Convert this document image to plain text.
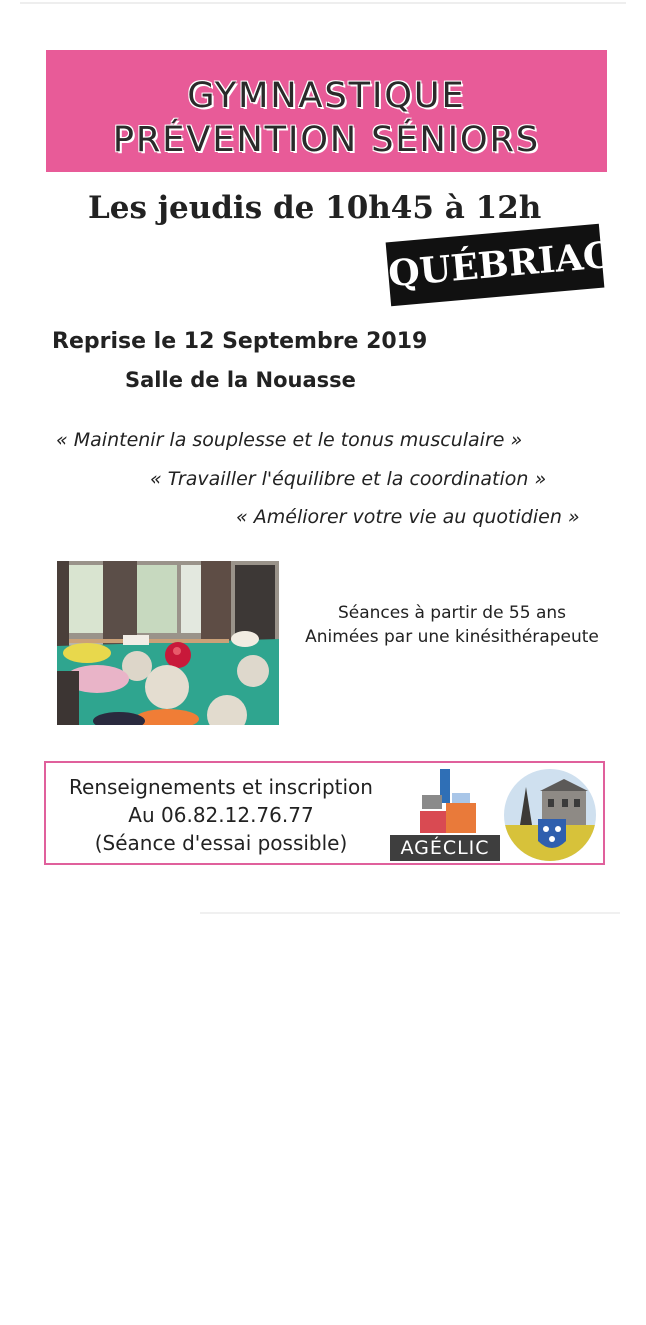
GYMNASTIQUE
PRÉVENTION SÉNIORS
Les jeudis de 10h45 à 12h
QUÉBRIAC
Reprise le 12 Septembre 2019
Salle de la Nouasse
« Maintenir la souplesse et le tonus musculaire »
« Travailler l'équilibre et la coordination »
« Améliorer votre vie au quotidien »
Séances à partir de 55 ans
Animées par une kinésithérapeute
Renseignements et inscription
Au 06.82.12.76.77
(Séance d'essai possible)	AGÉCLIC
